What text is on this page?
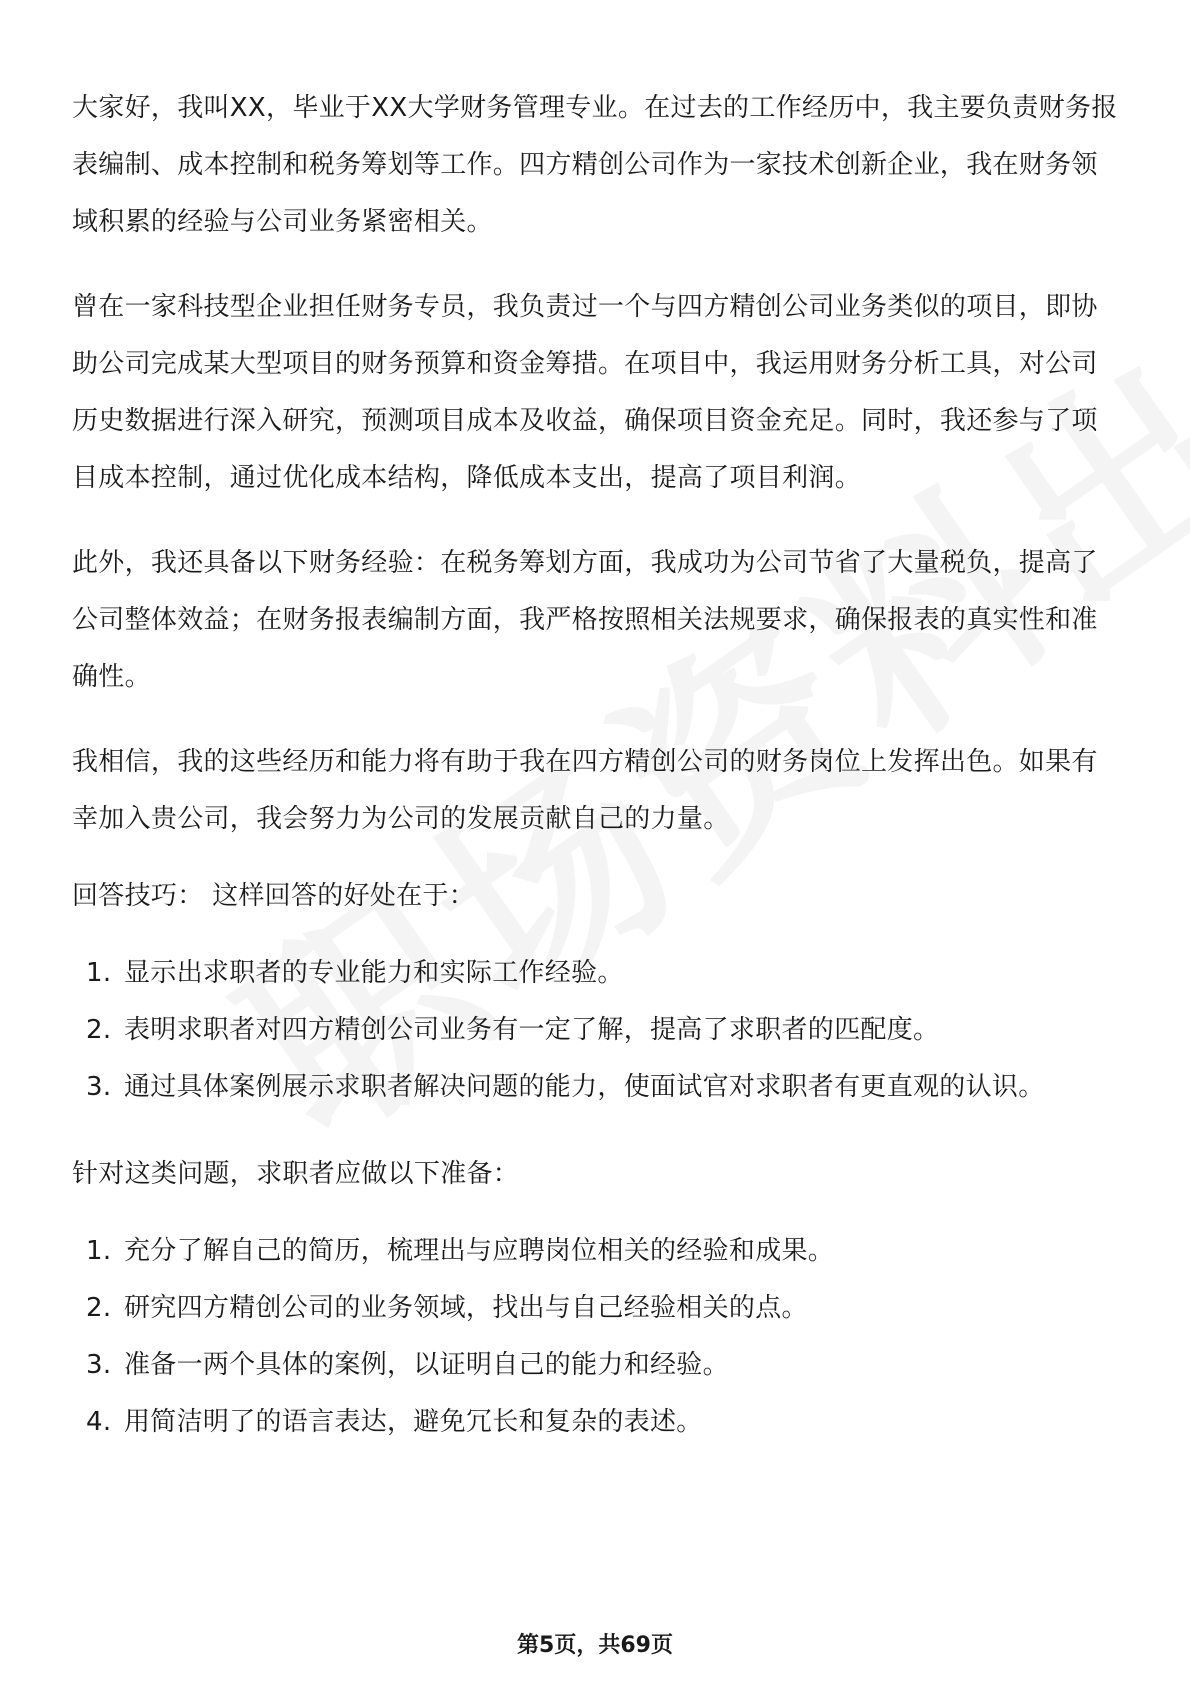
大家好，我叫XX，毕业于XX大学财务管理专业。在过去的工作经历中，我主要负责财务报表编制、成本控制和税务筹划等工作。四方精创公司作为一家技术创新企业，我在财务领域积累的经验与公司业务紧密相关。

曾在一家科技型企业担任财务专员，我负责过一个与四方精创公司业务类似的项目，即协助公司完成某大型项目的财务预算和资金筹措。在项目中，我运用财务分析工具，对公司历史数据进行深入研究，预测项目成本及收益，确保项目资金充足。同时，我还参与了项目成本控制，通过优化成本结构，降低成本支出，提高了项目利润。

此外，我还具备以下财务经验：在税务筹划方面，我成功为公司节省了大量税负，提高了公司整体效益；在财务报表编制方面，我严格按照相关法规要求，确保报表的真实性和准确性。

我相信，我的这些经历和能力将有助于我在四方精创公司的财务岗位上发挥出色。如果有幸加入贵公司，我会努力为公司的发展贡献自己的力量。

回答技巧： 这样回答的好处在于：

1. 显示出求职者的专业能力和实际工作经验。
2. 表明求职者对四方精创公司业务有一定了解，提高了求职者的匹配度。
3. 通过具体案例展示求职者解决问题的能力，使面试官对求职者有更直观的认识。

针对这类问题，求职者应做以下准备：

1. 充分了解自己的简历，梳理出与应聘岗位相关的经验和成果。
2. 研究四方精创公司的业务领域，找出与自己经验相关的点。
3. 准备一两个具体的案例，以证明自己的能力和经验。
4. 用简洁明了的语言表达，避免冗长和复杂的表述。
第5页，共69页
